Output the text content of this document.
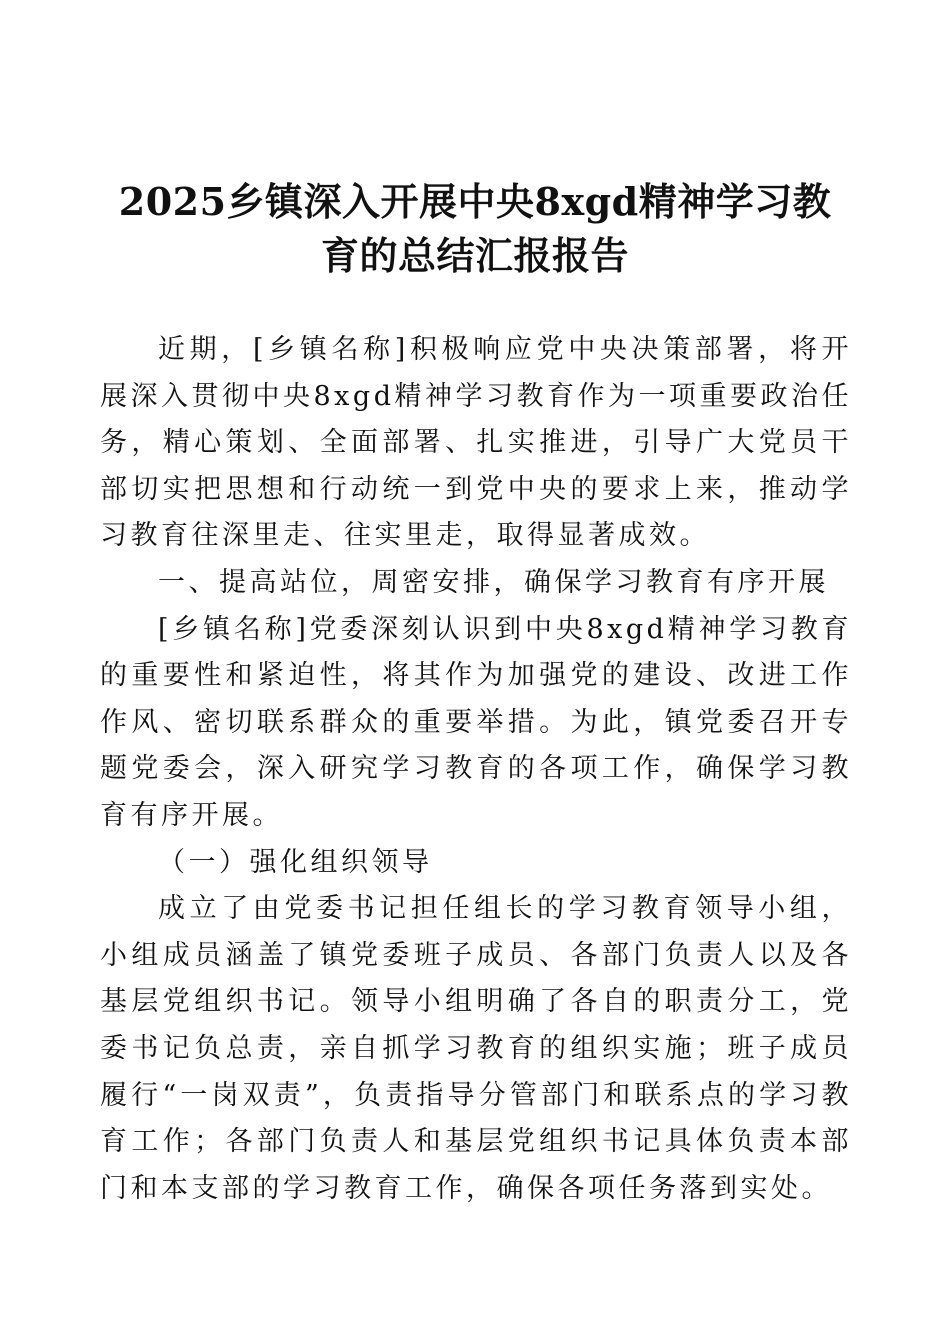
2025乡镇深入开展中央8xgd精神学习教
育的总结汇报报告

近期，[乡镇名称]积极响应党中央决策部署，将开展深入贯彻中央8xgd精神学习教育作为一项重要政治任务，精心策划、全面部署、扎实推进，引导广大党员干部切实把思想和行动统一到党中央的要求上来，推动学习教育往深里走、往实里走，取得显著成效。

一、提高站位，周密安排，确保学习教育有序开展

[乡镇名称]党委深刻认识到中央8xgd精神学习教育的重要性和紧迫性，将其作为加强党的建设、改进工作作风、密切联系群众的重要举措。为此，镇党委召开专题党委会，深入研究学习教育的各项工作，确保学习教育有序开展。

（一）强化组织领导

成立了由党委书记担任组长的学习教育领导小组，小组成员涵盖了镇党委班子成员、各部门负责人以及各基层党组织书记。领导小组明确了各自的职责分工，党委书记负总责，亲自抓学习教育的组织实施；班子成员履行“一岗双责”，负责指导分管部门和联系点的学习教育工作；各部门负责人和基层党组织书记具体负责本部门和本支部的学习教育工作，确保各项任务落到实处。
